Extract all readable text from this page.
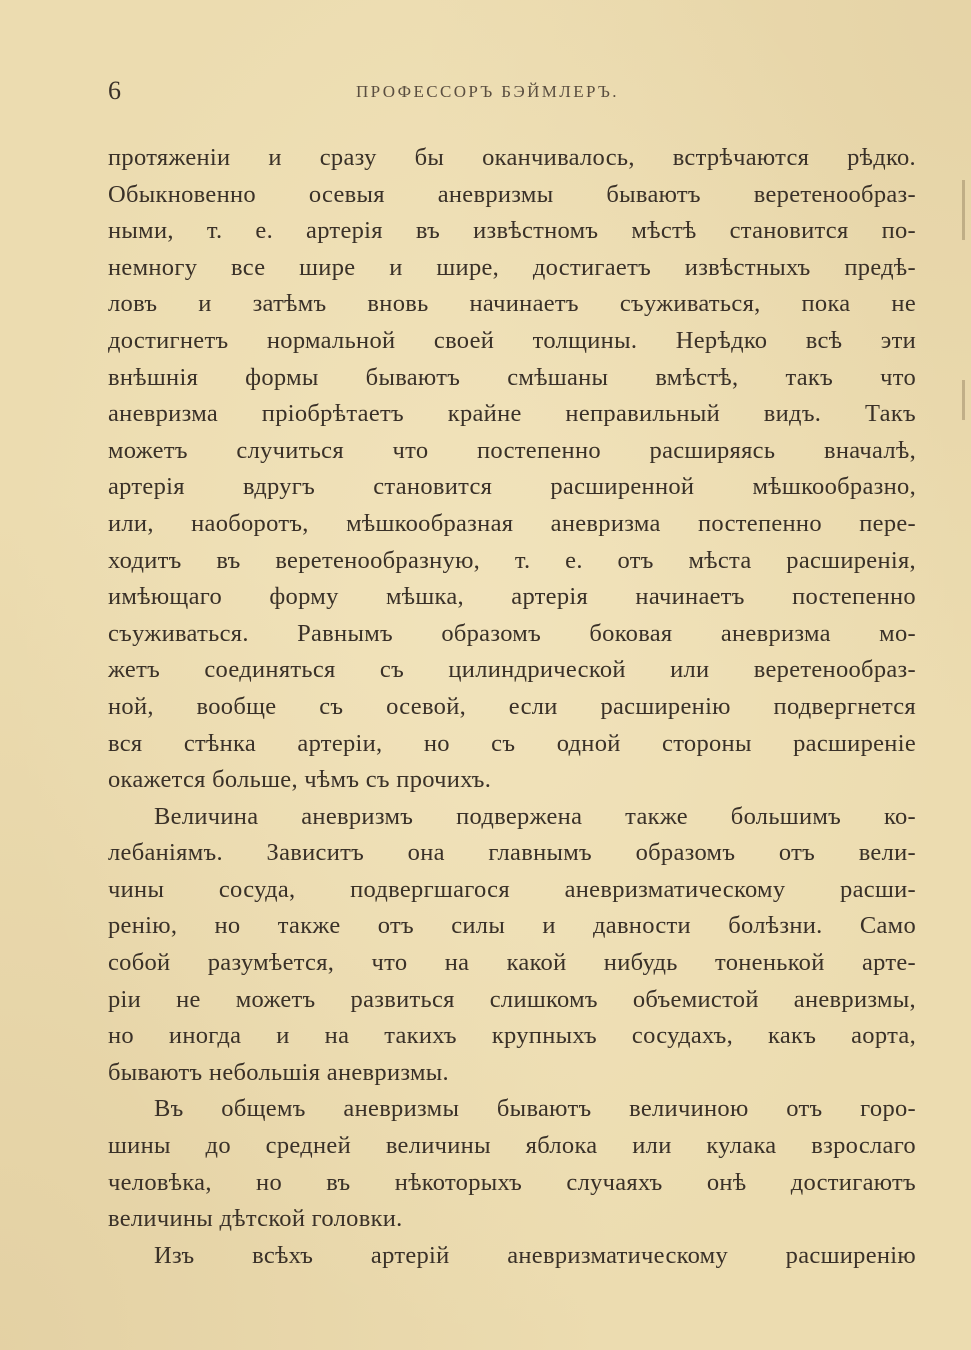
6	ПРОФЕССОРЪ БЭЙМЛЕРЪ.
протяженіи и сразу бы оканчивалось, встрѣчаются рѣдко.
Обыкновенно осевыя аневризмы бываютъ веретенообраз-
ными, т. е. артерія въ извѣстномъ мѣстѣ становится по-
немногу все шире и шире, достигаетъ извѣстныхъ предѣ-
ловъ и затѣмъ вновь начинаетъ съуживаться, пока не
достигнетъ нормальной своей толщины. Нерѣдко всѣ эти
внѣшнія формы бываютъ смѣшаны вмѣстѣ, такъ что
аневризма пріобрѣтаетъ крайне неправильный видъ. Такъ
можетъ случиться что постепенно расширяясь вначалѣ,
артерія вдругъ становится расширенной мѣшкообразно,
или, наоборотъ, мѣшкообразная аневризма постепенно пере-
ходитъ въ веретенообразную, т. е. отъ мѣста расширенія,
имѣющаго форму мѣшка, артерія начинаетъ постепенно
съуживаться. Равнымъ образомъ боковая аневризма мо-
жетъ соединяться съ цилиндрической или веретенообраз-
ной, вообще съ осевой, если расширенію подвергнется
вся стѣнка артеріи, но съ одной стороны расширеніе
окажется больше, чѣмъ съ прочихъ.
Величина аневризмъ подвержена также большимъ ко-
лебаніямъ. Зависитъ она главнымъ образомъ отъ вели-
чины сосуда, подвергшагося аневризматическому расши-
ренію, но также отъ силы и давности болѣзни. Само
собой разумѣется, что на какой нибудь тоненькой арте-
ріи не можетъ развиться слишкомъ объемистой аневризмы,
но иногда и на такихъ крупныхъ сосудахъ, какъ аорта,
бываютъ небольшія аневризмы.
Въ общемъ аневризмы бываютъ величиною отъ горо-
шины до средней величины яблока или кулака взрослаго
человѣка, но въ нѣкоторыхъ случаяхъ онѣ достигаютъ
величины дѣтской головки.
Изъ всѣхъ артерій аневризматическому расширенію
